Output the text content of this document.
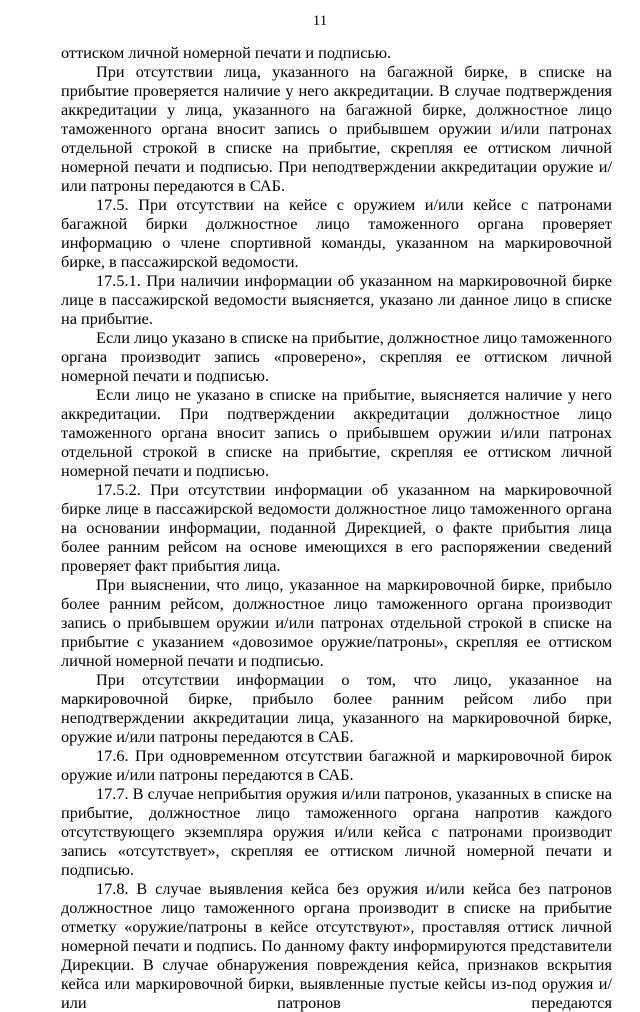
11

оттиском личной номерной печати и подписью.

При отсутствии лица, указанного на багажной бирке, в списке на прибытие проверяется наличие у него аккредитации. В случае подтверждения аккредитации у лица, указанного на багажной бирке, должностное лицо таможенного органа вносит запись о прибывшем оружии и/или патронах отдельной строкой в списке на прибытие, скрепляя ее оттиском личной номерной печати и подписью. При неподтверждении аккредитации оружие и/или патроны передаются в САБ.

17.5. При отсутствии на кейсе с оружием и/или кейсе с патронами багажной бирки должностное лицо таможенного органа проверяет информацию о члене спортивной команды, указанном на маркировочной бирке, в пассажирской ведомости.

17.5.1. При наличии информации об указанном на маркировочной бирке лице в пассажирской ведомости выясняется, указано ли данное лицо в списке на прибытие.

Если лицо указано в списке на прибытие, должностное лицо таможенного органа производит запись «проверено», скрепляя ее оттиском личной номерной печати и подписью.

Если лицо не указано в списке на прибытие, выясняется наличие у него аккредитации. При подтверждении аккредитации должностное лицо таможенного органа вносит запись о прибывшем оружии и/или патронах отдельной строкой в списке на прибытие, скрепляя ее оттиском личной номерной печати и подписью.

17.5.2. При отсутствии информации об указанном на маркировочной бирке лице в пассажирской ведомости должностное лицо таможенного органа на основании информации, поданной Дирекцией, о факте прибытия лица более ранним рейсом на основе имеющихся в его распоряжении сведений проверяет факт прибытия лица.

При выяснении, что лицо, указанное на маркировочной бирке, прибыло более ранним рейсом, должностное лицо таможенного органа производит запись о прибывшем оружии и/или патронах отдельной строкой в списке на прибытие с указанием «довозимое оружие/патроны», скрепляя ее оттиском личной номерной печати и подписью.

При отсутствии информации о том, что лицо, указанное на маркировочной бирке, прибыло более ранним рейсом либо при неподтверждении аккредитации лица, указанного на маркировочной бирке, оружие и/или патроны передаются в САБ.

17.6. При одновременном отсутствии багажной и маркировочной бирок оружие и/или патроны передаются в САБ.

17.7. В случае неприбытия оружия и/или патронов, указанных в списке на прибытие, должностное лицо таможенного органа напротив каждого отсутствующего экземпляра оружия и/или кейса с патронами производит запись «отсутствует», скрепляя ее оттиском личной номерной печати и подписью.

17.8. В случае выявления кейса без оружия и/или кейса без патронов должностное лицо таможенного органа производит в списке на прибытие отметку «оружие/патроны в кейсе отсутствуют», проставляя оттиск личной номерной печати и подпись. По данному факту информируются представители Дирекции. В случае обнаружения повреждения кейса, признаков вскрытия кейса или маркировочной бирки, выявленные пустые кейсы из-под оружия и/или патронов передаются
